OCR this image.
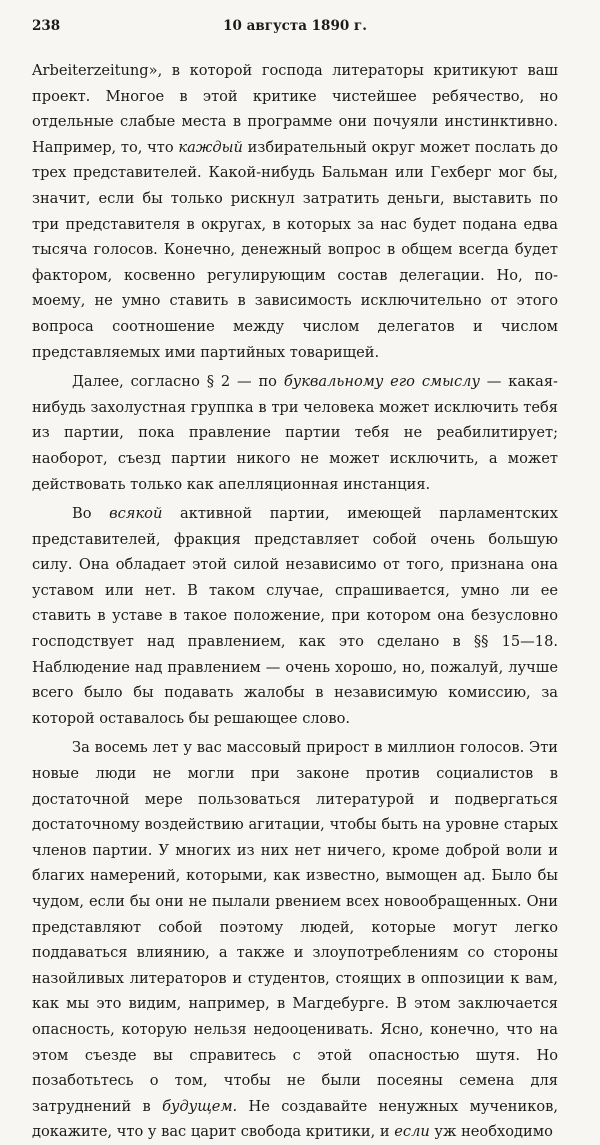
238	10 августа 1890 г.

Arbeiterzeitung», в которой господа литераторы критикуют ваш проект. Многое в этой критике чистейшее ребячество, но отдельные слабые места в программе они почуяли инстинктивно. Например, то, что каждый избирательный округ может послать до трех представителей. Какой-нибудь Бальман или Гехберг мог бы, значит, если бы только рискнул затратить деньги, выставить по три представителя в округах, в которых за нас будет подана едва тысяча голосов. Конечно, денежный вопрос в общем всегда будет фактором, косвенно регулирующим состав делегации. Но, по-моему, не умно ставить в зависимость исключительно от этого вопроса соотношение между числом делегатов и числом представляемых ими партийных товарищей.

Далее, согласно § 2 — по буквальному его смыслу — какая-нибудь захолустная группка в три человека может исключить тебя из партии, пока правление партии тебя не реабилитирует; наоборот, съезд партии никого не может исключить, а может действовать только как апелляционная инстанция.

Во всякой активной партии, имеющей парламентских представителей, фракция представляет собой очень большую силу. Она обладает этой силой независимо от того, признана она уставом или нет. В таком случае, спрашивается, умно ли ее ставить в уставе в такое положение, при котором она безусловно господствует над правлением, как это сделано в §§ 15—18. Наблюдение над правлением — очень хорошо, но, пожалуй, лучше всего было бы подавать жалобы в независимую комиссию, за которой оставалось бы решающее слово.

За восемь лет у вас массовый прирост в миллион голосов. Эти новые люди не могли при законе против социалистов в достаточной мере пользоваться литературой и подвергаться достаточному воздействию агитации, чтобы быть на уровне старых членов партии. У многих из них нет ничего, кроме доброй воли и благих намерений, которыми, как известно, вымощен ад. Было бы чудом, если бы они не пылали рвением всех новообращенных. Они представляют собой поэтому людей, которые могут легко поддаваться влиянию, а также и злоупотреблениям со стороны назойливых литераторов и студентов, стоящих в оппозиции к вам, как мы это видим, например, в Магдебурге. В этом заключается опасность, которую нельзя недооценивать. Ясно, конечно, что на этом съезде вы справитесь с этой опасностью шутя. Но позаботьтесь о том, чтобы не были посеяны семена для затруднений в будущем. Не создавайте ненужных мучеников, докажите, что у вас царит свобода критики, и если уж необходимо
